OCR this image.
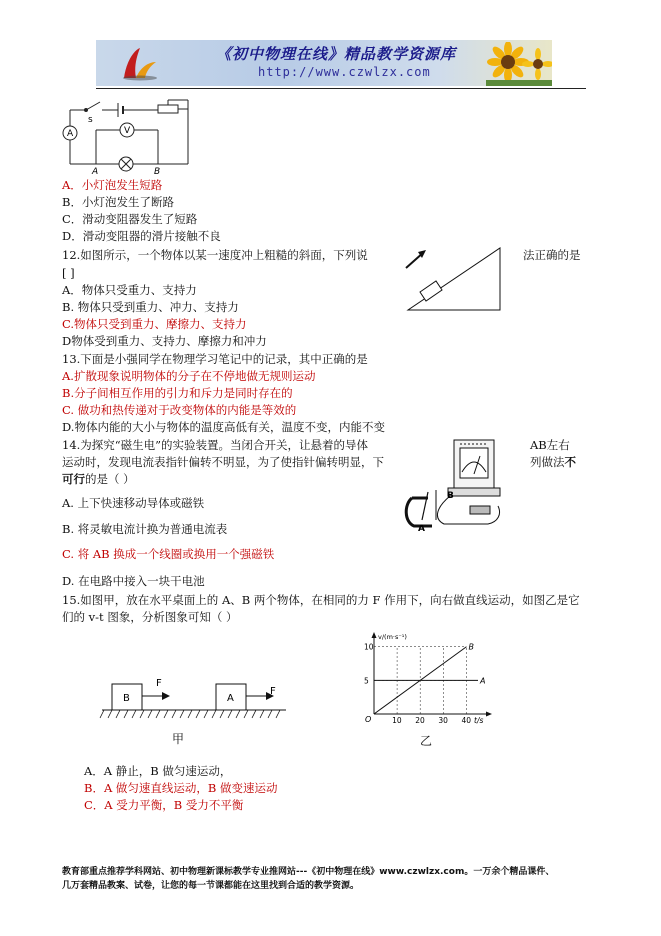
《初中物理在线》精品教学资源库
http://www.czwlzx.com
s
A	V
A	B
A．小灯泡发生短路
B．小灯泡发生了断路
C．滑动变阻器发生了短路
D．滑动变阻器的滑片接触不良
12.如图所示，一个物体以某一速度冲上粗糙的斜面，下列说	法正确的是
[ ]
A．物体只受重力、支持力
B. 物体只受到重力、冲力、支持力
C.物体只受到重力、摩擦力、支持力
D物体受到重力、支持力、摩擦力和冲力
13.下面是小强同学在物理学习笔记中的记录，其中正确的是
A.扩散现象说明物体的分子在不停地做无规则运动
B.分子间相互作用的引力和斥力是同时存在的
C. 做功和热传递对于改变物体的内能是等效的
D.物体内能的大小与物体的温度高低有关，温度不变，内能不变
14.为探究“磁生电”的实验装置。当闭合开关，让悬着的导体	AB左右
运动时，发现电流表指针偏转不明显，为了使指针偏转明显，下	列做法不
可行的是（ ）
B
A
A. 上下快速移动导体或磁铁
B. 将灵敏电流计换为普通电流表
C. 将 AB 换成一个线圈或换用一个强磁铁
D. 在电路中接入一块干电池
15.如图甲，放在水平桌面上的 A、B 两个物体，在相同的力 F 作用下，向右做直线运动，如图乙是它
们的 v-t 图象，分析图象可知（ ）
B	A
F
F
甲
B
A
10 20 30 40
5
10
v/(m·s⁻¹)
t/s
O
乙
A．A 静止，B 做匀速运动，
B．A 做匀速直线运动，B 做变速运动
C．A 受力平衡，B 受力不平衡
教育部重点推荐学科网站、初中物理新课标教学专业推网站---《初中物理在线》www.czwlzx.com。一万余个精品课件、
几万套精品教案、试卷，让您的每一节课都能在这里找到合适的教学资源。
